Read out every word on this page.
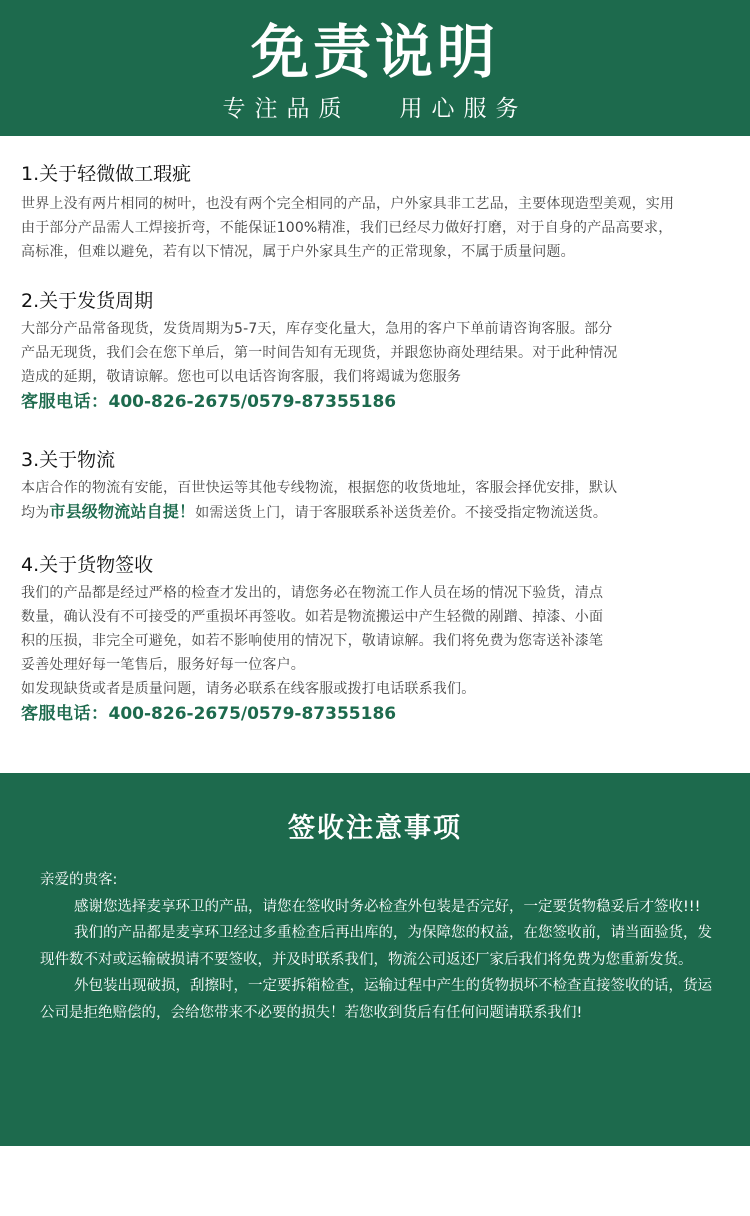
免责说明
专注品质   用心服务
1.关于轻微做工瑕疵

世界上没有两片相同的树叶，也没有两个完全相同的产品，户外家具非工艺品，主要体现造型美观，实用

由于部分产品需人工焊接折弯，不能保证100%精准，我们已经尽力做好打磨，对于自身的产品高要求，

高标准，但难以避免，若有以下情况，属于户外家具生产的正常现象，不属于质量问题。

2.关于发货周期

大部分产品常备现货，发货周期为5-7天，库存变化量大，急用的客户下单前请咨询客服。部分

产品无现货，我们会在您下单后，第一时间告知有无现货，并跟您协商处理结果。对于此种情况

造成的延期，敬请谅解。您也可以电话咨询客服，我们将竭诚为您服务

客服电话：400-826-2675/0579-87355186
3.关于物流

本店合作的物流有安能，百世快运等其他专线物流，根据您的收货地址，客服会择优安排，默认

均为市县级物流站自提！如需送货上门，请于客服联系补送货差价。不接受指定物流送货。

4.关于货物签收

我们的产品都是经过严格的检查才发出的，请您务必在物流工作人员在场的情况下验货，清点

数量，确认没有不可接受的严重损坏再签收。如若是物流搬运中产生轻微的剐蹭、掉漆、小面

积的压损，非完全可避免，如若不影响使用的情况下，敬请谅解。我们将免费为您寄送补漆笔

妥善处理好每一笔售后，服务好每一位客户。

如发现缺货或者是质量问题，请务必联系在线客服或拨打电话联系我们。

客服电话：400-826-2675/0579-87355186
签收注意事项

亲爱的贵客:

感谢您选择麦享环卫的产品，请您在签收时务必检查外包装是否完好，一定要货物稳妥后才签收!!!

我们的产品都是麦享环卫经过多重检查后再出库的，为保障您的权益，在您签收前，请当面验货，发现件数不对或运输破损请不要签收，并及时联系我们，物流公司返还厂家后我们将免费为您重新发货。

外包装出现破损，刮擦时，一定要拆箱检查，运输过程中产生的货物损坏不检查直接签收的话，货运公司是拒绝赔偿的，会给您带来不必要的损失！若您收到货后有任何问题请联系我们!
